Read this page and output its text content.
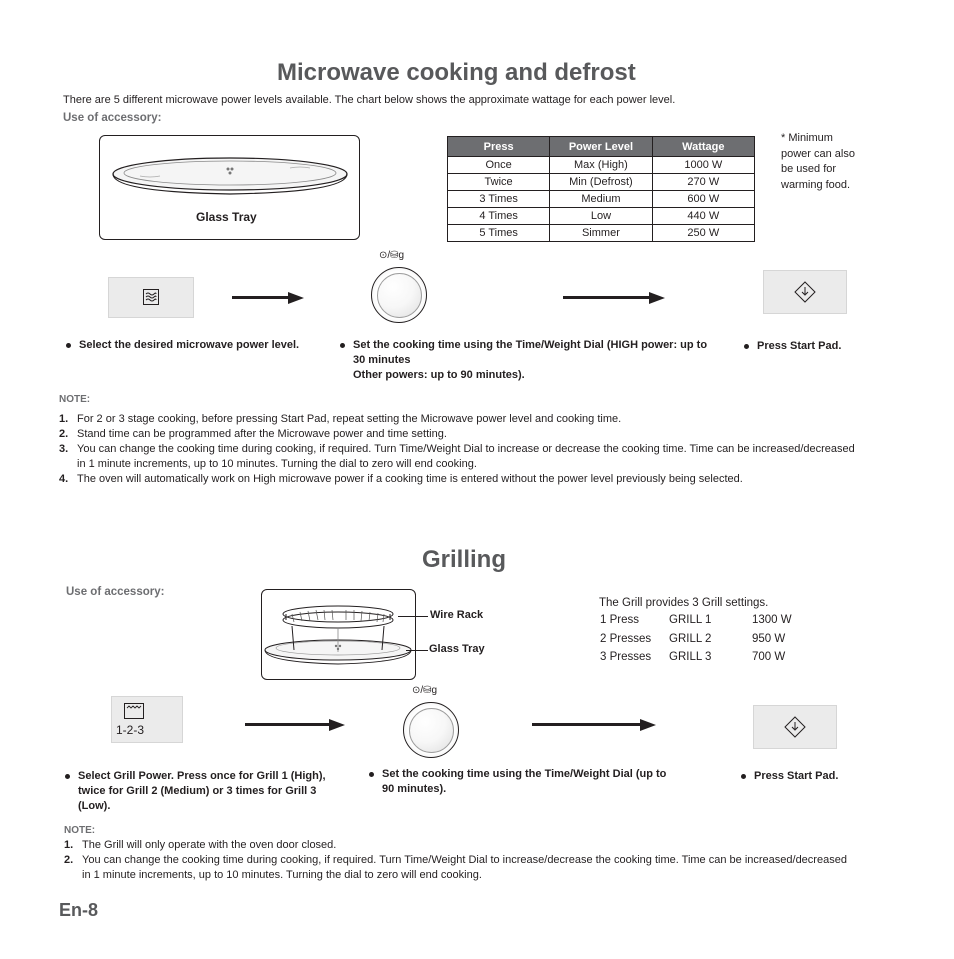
Microwave cooking and defrost
There are 5 different microwave power levels available. The chart below shows the approximate wattage for each power level.
Use of accessory:
Glass Tray
Press	Power Level	Wattage
Once	Max (High)	1000 W
Twice	Min (Defrost)	270 W
3 Times	Medium	600 W
4 Times	Low	440 W
5 Times	Simmer	250 W
* Minimum
power can also
be used for
warming food.
⊙/⛁g
Select the desired microwave power level.	Set the cooking time using the Time/Weight Dial (HIGH power: up to 30 minutes
Other powers: up to 90 minutes).
Press Start Pad.
NOTE:
1. For 2 or 3 stage cooking, before pressing Start Pad, repeat setting the Microwave power level and cooking time.
2. Stand time can be programmed after the Microwave power and time setting.
3. You can change the cooking time during cooking, if required. Turn Time/Weight Dial to increase or decrease the cooking time. Time can be increased/decreased in 1 minute increments, up to 10 minutes. Turning the dial to zero will end cooking.
4. The oven will automatically work on High microwave power if a cooking time is entered without the power level previously being selected.
Grilling
Use of accessory:
Wire Rack
Glass Tray
The Grill provides 3 Grill settings.
1 Press	GRILL 1	1300 W
2 Presses GRILL 2	950 W
3 Presses GRILL 3	700 W
1-2-3
⊙/⛁g
Select Grill Power. Press once for Grill 1 (High), twice for Grill 2 (Medium) or 3 times for Grill 3 (Low).
Set the cooking time using the Time/Weight Dial (up to 90 minutes).
Press Start Pad.
NOTE:
1. The Grill will only operate with the oven door closed.
2. You can change the cooking time during cooking, if required. Turn Time/Weight Dial to increase/decrease the cooking time. Time can be increased/decreased in 1 minute increments, up to 10 minutes. Turning the dial to zero will end cooking.
En-8
